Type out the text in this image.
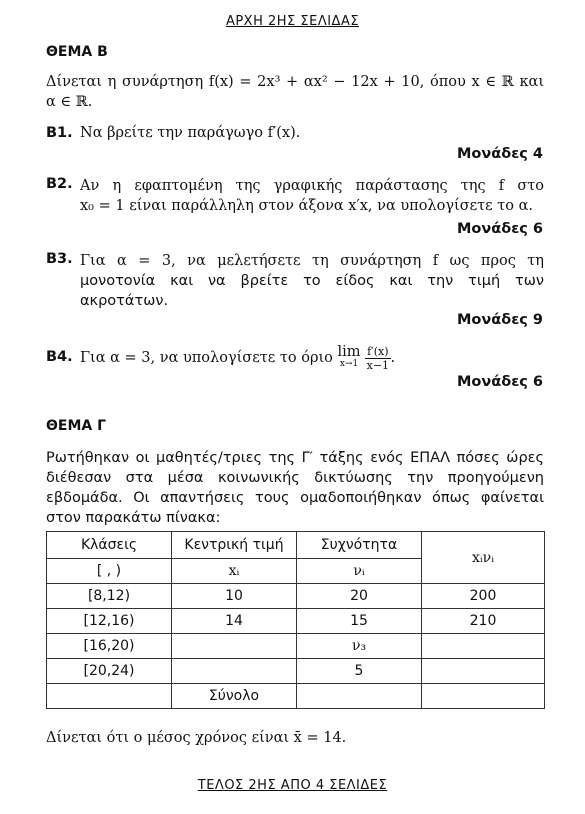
ΑΡΧΗ 2ΗΣ ΣΕΛΙΔΑΣ
ΘΕΜΑ Β
Δίνεται η συνάρτηση f(x) = 2x³ + αx² − 12x + 10, όπου x ∈ ℝ και
α ∈ ℝ.
Β1. Να βρείτε την παράγωγο f′(x).
Μονάδες 4
Β2. Αν η εφαπτομένη της γραφικής παράστασης της f στο
x₀ = 1 είναι παράλληλη στον άξονα x′x, να υπολογίσετε το α.
Μονάδες 6
Β3. Για α = 3, να μελετήσετε τη συνάρτηση f ως προς τη
μονοτονία και να βρείτε το είδος και την τιμή των
ακροτάτων.
Μονάδες 9
Β4. Για α = 3, να υπολογίσετε το όριο
lim
x→1
$\frac{f'(x)}{x-1}$ .
Μονάδες 6
ΘΕΜΑ Γ
Ρωτήθηκαν οι μαθητές/τριες της Γ′ τάξης ενός ΕΠΑΛ πόσες ώρες
διέθεσαν στα μέσα κοινωνικής δικτύωσης την προηγούμενη
εβδομάδα. Οι απαντήσεις τους ομαδοποιήθηκαν όπως φαίνεται
στον παρακάτω πίνακα:
Κλάσεις	Κεντρική τιμή	Συχνότητα	xᵢνᵢ
[ , )	xᵢ	νᵢ	
[8,12)	10	20	200
[12,16)	14	15	210
[16,20)		ν₃	
[20,24)		5	
	Σύνολο		
Δίνεται ότι ο μέσος χρόνος είναι x̄ = 14.
ΤΕΛΟΣ 2ΗΣ ΑΠΟ 4 ΣΕΛΙΔΕΣ
